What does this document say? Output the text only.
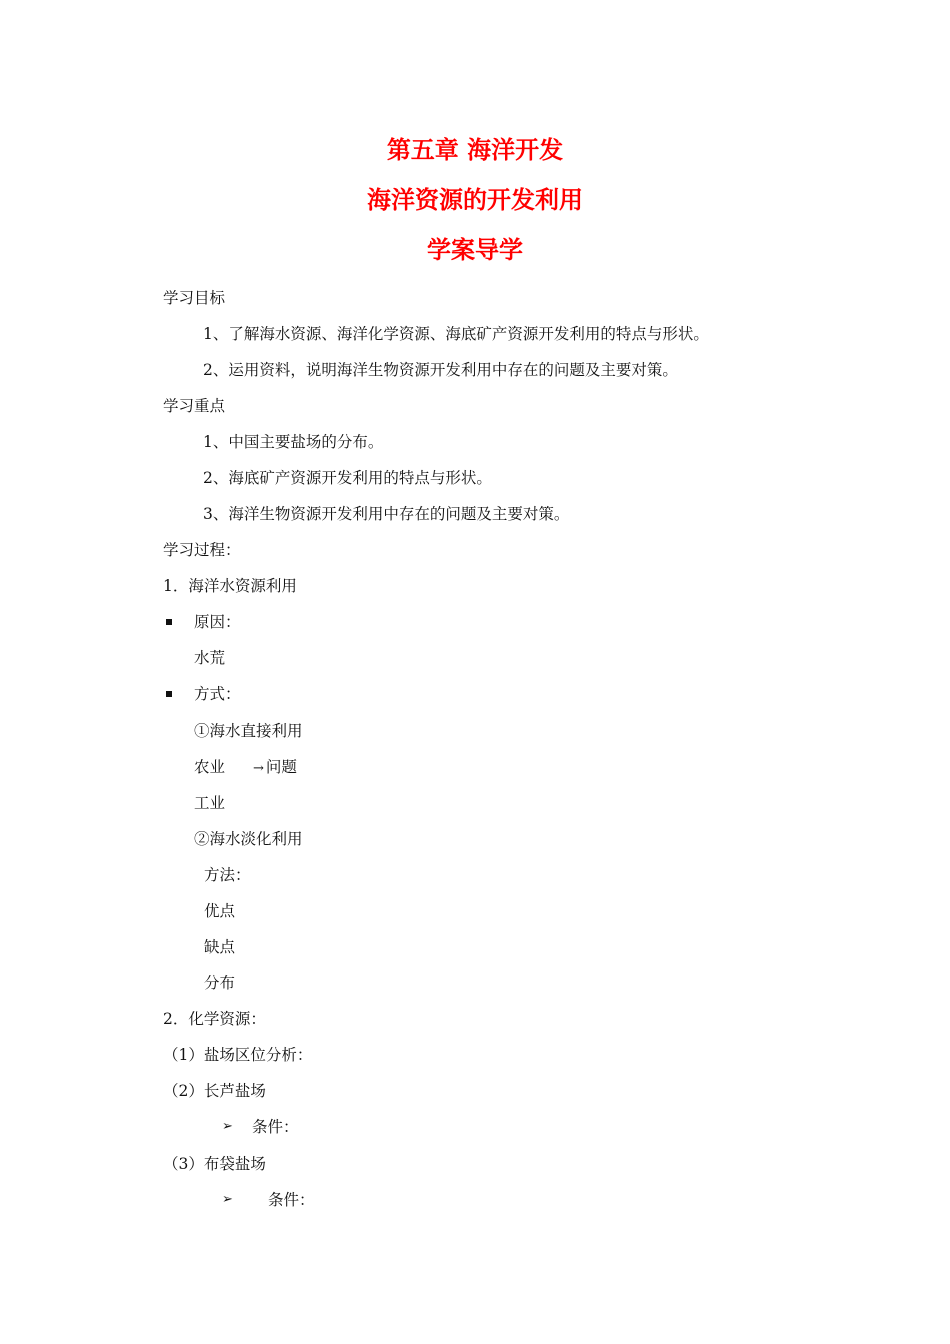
第五章 海洋开发
海洋资源的开发利用
学案导学
学习目标
1、了解海水资源、海洋化学资源、海底矿产资源开发利用的特点与形状。
2、运用资料，说明海洋生物资源开发利用中存在的问题及主要对策。
学习重点
1、中国主要盐场的分布。
2、海底矿产资源开发利用的特点与形状。
3、海洋生物资源开发利用中存在的问题及主要对策。
学习过程：
1．海洋水资源利用
原因：
水荒
方式：
①海水直接利用
农业 → 问题
工业
②海水淡化利用
方法：
优点
缺点
分布
2．化学资源：
（1）盐场区位分析：
（2）长芦盐场
➢ 条件：
（3）布袋盐场
➢ 条件：
